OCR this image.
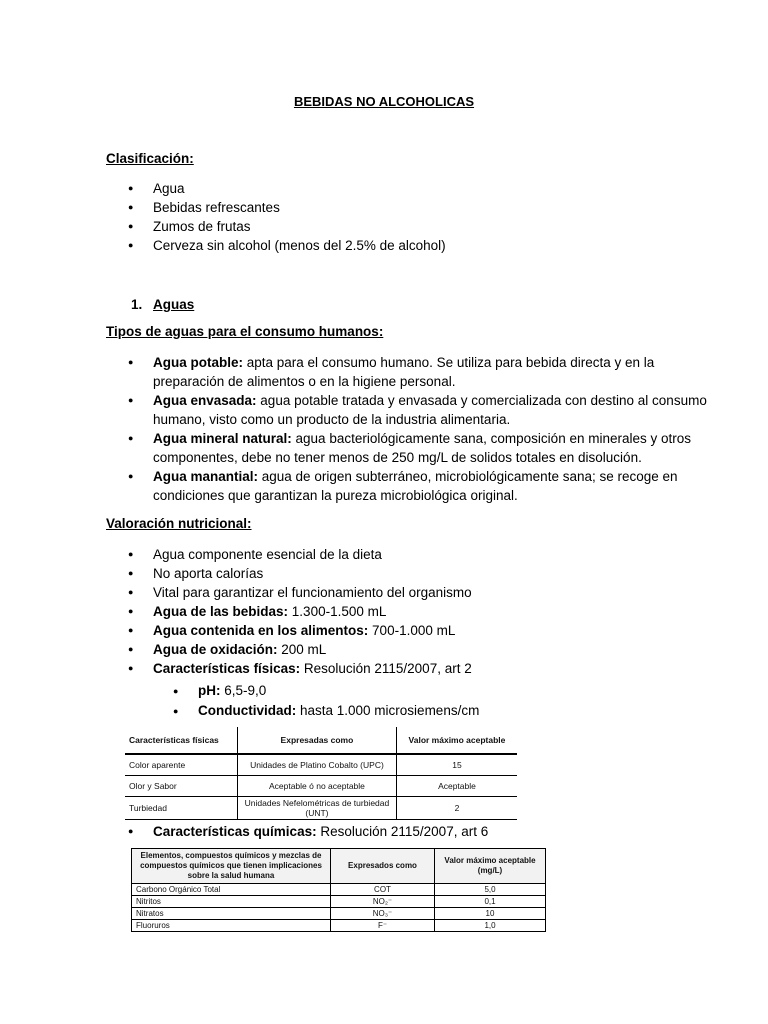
BEBIDAS NO ALCOHOLICAS
Clasificación:
● Agua
● Bebidas refrescantes
● Zumos de frutas
● Cerveza sin alcohol (menos del 2.5% de alcohol)
1. Aguas
Tipos de aguas para el consumo humanos:
● Agua potable: apta para el consumo humano. Se utiliza para bebida directa y en la preparación de alimentos o en la higiene personal.
● Agua envasada: agua potable tratada y envasada y comercializada con destino al consumo humano, visto como un producto de la industria alimentaria.
● Agua mineral natural: agua bacteriológicamente sana, composición en minerales y otros componentes, debe no tener menos de 250 mg/L de solidos totales en disolución.
● Agua manantial: agua de origen subterráneo, microbiológicamente sana; se recoge en condiciones que garantizan la pureza microbiológica original.
Valoración nutricional:
● Agua componente esencial de la dieta
● No aporta calorías
● Vital para garantizar el funcionamiento del organismo
● Agua de las bebidas: 1.300-1.500 mL
● Agua contenida en los alimentos: 700-1.000 mL
● Agua de oxidación: 200 mL
● Características físicas: Resolución 2115/2007, art 2
● pH: 6,5-9,0
● Conductividad: hasta 1.000 microsiemens/cm
Características físicas	Expresadas como	Valor máximo aceptable
Color aparente	Unidades de Platino Cobalto (UPC)	15
Olor y Sabor	Aceptable ó no aceptable	Aceptable
Turbiedad	Unidades Nefelométricas de turbiedad (UNT)	2
● Características químicas: Resolución 2115/2007, art 6
Elementos, compuestos químicos y mezclas de compuestos químicos que tienen implicaciones sobre la salud humana	Expresados como	Valor máximo aceptable (mg/L)
Carbono Orgánico Total	COT	5,0
Nitritos	NO₂⁻	0,1
Nitratos	NO₃⁻	10
Fluoruros	F⁻	1,0
